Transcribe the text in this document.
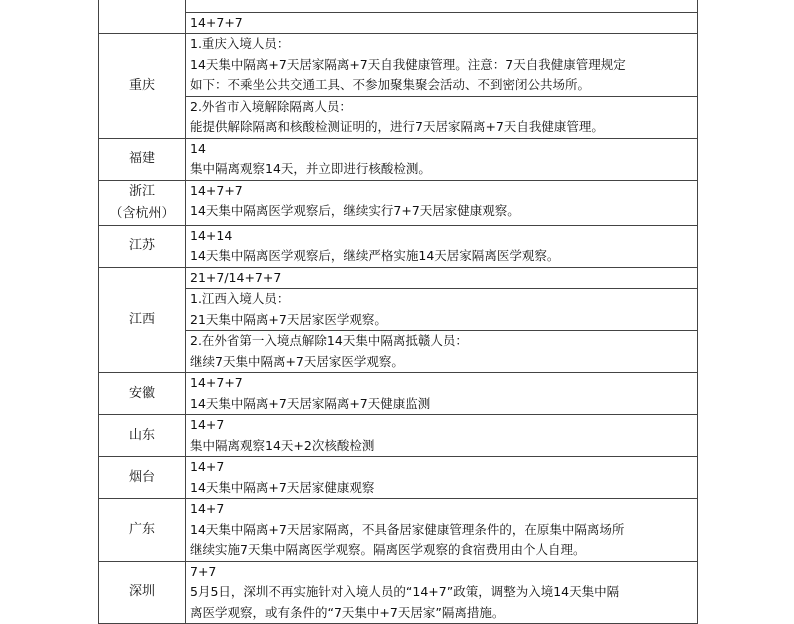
	14+7+7

重庆	1.重庆入境人员：
14天集中隔离+7天居家隔离+7天自我健康管理。注意：7天自我健康管理规定
如下：不乘坐公共交通工具、不参加聚集聚会活动、不到密闭公共场所。
2.外省市入境解除隔离人员：
能提供解除隔离和核酸检测证明的，进行7天居家隔离+7天自我健康管理。

福建	14
集中隔离观察14天，并立即进行核酸检测。

浙江
（含杭州）	14+7+7
14天集中隔离医学观察后，继续实行7+7天居家健康观察。

江苏	14+14
14天集中隔离医学观察后，继续严格实施14天居家隔离医学观察。

江西	21+7/14+7+7
1.江西入境人员：
21天集中隔离+7天居家医学观察。
2.在外省第一入境点解除14天集中隔离抵赣人员：
继续7天集中隔离+7天居家医学观察。

安徽	14+7+7
14天集中隔离+7天居家隔离+7天健康监测

山东	14+7
集中隔离观察14天+2次核酸检测

烟台	14+7
14天集中隔离+7天居家健康观察

广东	14+7
14天集中隔离+7天居家隔离，不具备居家健康管理条件的，在原集中隔离场所
继续实施7天集中隔离医学观察。隔离医学观察的食宿费用由个人自理。

深圳	7+7
5月5日，深圳不再实施针对入境人员的“14+7”政策，调整为入境14天集中隔
离医学观察，或有条件的“7天集中+7天居家”隔离措施。
